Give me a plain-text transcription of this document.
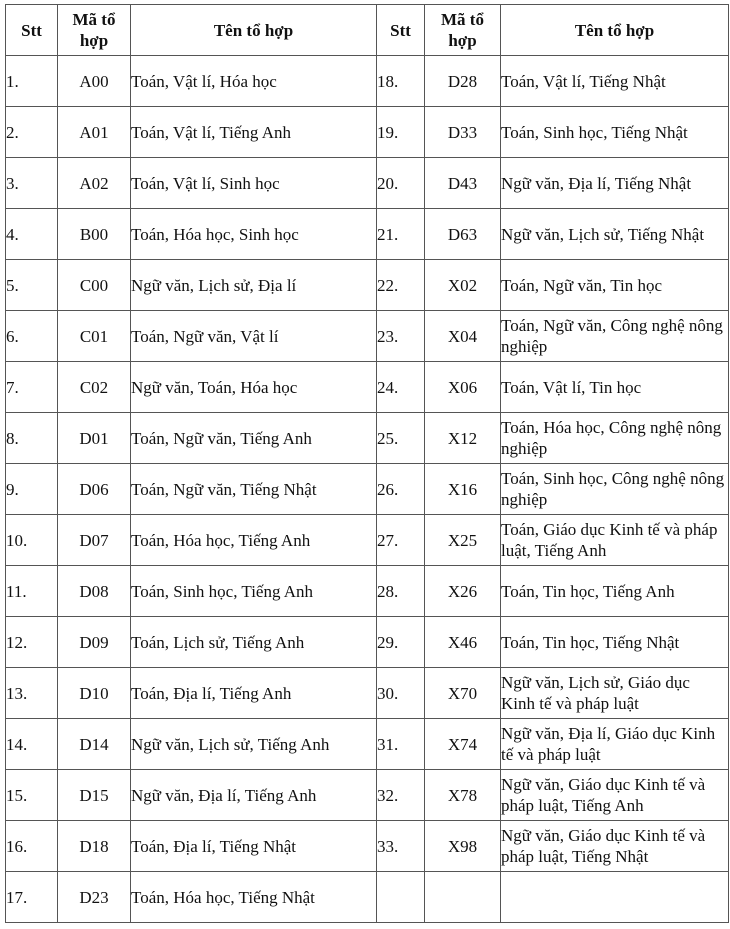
Stt	Mã tổ hợp	Tên tổ hợp	Stt	Mã tổ hợp	Tên tổ hợp
1.	A00	Toán, Vật lí, Hóa học	18.	D28	Toán, Vật lí, Tiếng Nhật
2.	A01	Toán, Vật lí, Tiếng Anh	19.	D33	Toán, Sinh học, Tiếng Nhật
3.	A02	Toán, Vật lí, Sinh học	20.	D43	Ngữ văn, Địa lí, Tiếng Nhật
4.	B00	Toán, Hóa học, Sinh học	21.	D63	Ngữ văn, Lịch sử, Tiếng Nhật
5.	C00	Ngữ văn, Lịch sử, Địa lí	22.	X02	Toán, Ngữ văn, Tin học
6.	C01	Toán, Ngữ văn, Vật lí	23.	X04	Toán, Ngữ văn, Công nghệ nông nghiệp
7.	C02	Ngữ văn, Toán, Hóa học	24.	X06	Toán, Vật lí, Tin học
8.	D01	Toán, Ngữ văn, Tiếng Anh	25.	X12	Toán, Hóa học, Công nghệ nông nghiệp
9.	D06	Toán, Ngữ văn, Tiếng Nhật	26.	X16	Toán, Sinh học, Công nghệ nông nghiệp
10.	D07	Toán, Hóa học, Tiếng Anh	27.	X25	Toán, Giáo dục Kinh tế và pháp luật, Tiếng Anh
11.	D08	Toán, Sinh học, Tiếng Anh	28.	X26	Toán, Tin học, Tiếng Anh
12.	D09	Toán, Lịch sử, Tiếng Anh	29.	X46	Toán, Tin học, Tiếng Nhật
13.	D10	Toán, Địa lí, Tiếng Anh	30.	X70	Ngữ văn, Lịch sử, Giáo dục Kinh tế và pháp luật
14.	D14	Ngữ văn, Lịch sử, Tiếng Anh	31.	X74	Ngữ văn, Địa lí, Giáo dục Kinh tế và pháp luật
15.	D15	Ngữ văn, Địa lí, Tiếng Anh	32.	X78	Ngữ văn, Giáo dục Kinh tế và pháp luật, Tiếng Anh
16.	D18	Toán, Địa lí, Tiếng Nhật	33.	X98	Ngữ văn, Giáo dục Kinh tế và pháp luật, Tiếng Nhật
17.	D23	Toán, Hóa học, Tiếng Nhật			
